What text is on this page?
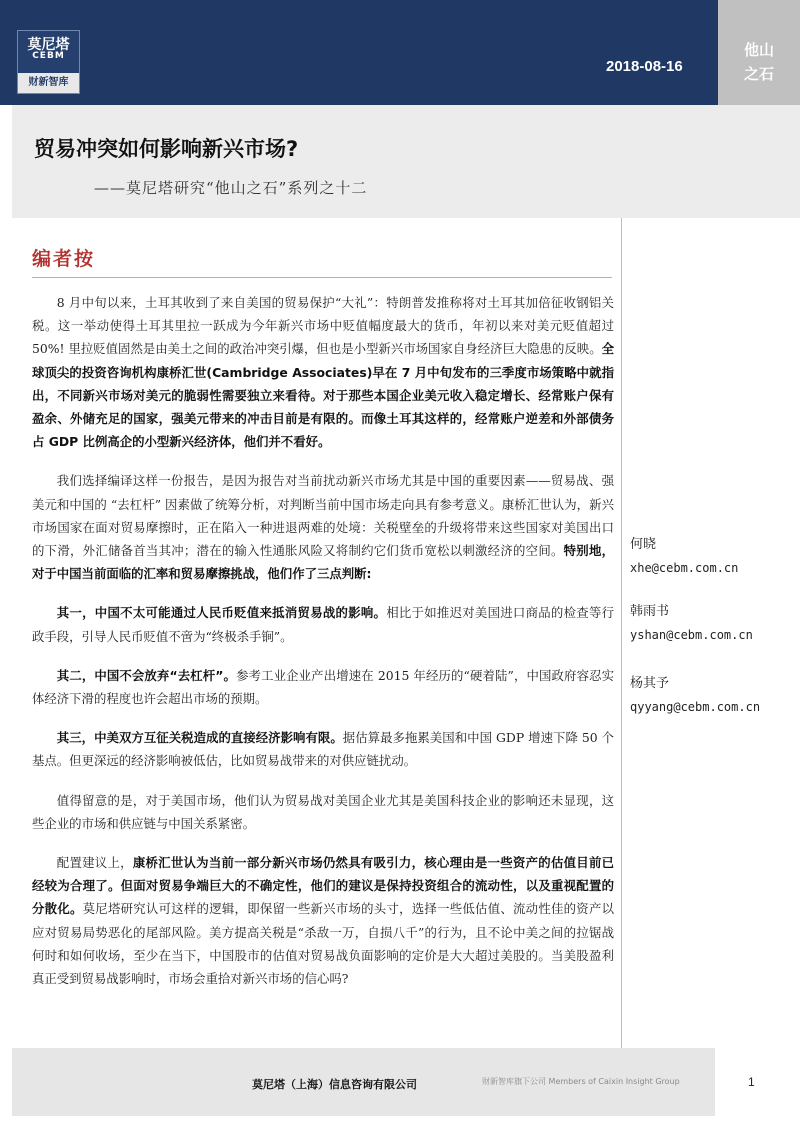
莫尼塔
CEBM
财新智库
2018-08-16
他山
之石
贸易冲突如何影响新兴市场?
——莫尼塔研究“他山之石”系列之十二
编者按

8 月中旬以来，土耳其收到了来自美国的贸易保护“大礼”：特朗普发推称将对土耳其加倍征收钢铝关税。这一举动使得土耳其里拉一跃成为今年新兴市场中贬值幅度最大的货币，年初以来对美元贬值超过 50%! 里拉贬值固然是由美土之间的政治冲突引爆，但也是小型新兴市场国家自身经济巨大隐患的反映。全球顶尖的投资咨询机构康桥汇世(Cambridge Associates)早在 7 月中旬发布的三季度市场策略中就指出，不同新兴市场对美元的脆弱性需要独立来看待。对于那些本国企业美元收入稳定增长、经常账户保有盈余、外储充足的国家，强美元带来的冲击目前是有限的。而像土耳其这样的，经常账户逆差和外部债务占 GDP 比例高企的小型新兴经济体，他们并不看好。

我们选择编译这样一份报告，是因为报告对当前扰动新兴市场尤其是中国的重要因素——贸易战、强美元和中国的 “去杠杆” 因素做了统筹分析，对判断当前中国市场走向具有参考意义。康桥汇世认为，新兴市场国家在面对贸易摩擦时，正在陷入一种进退两难的处境：关税壁垒的升级将带来这些国家对美国出口的下滑，外汇储备首当其冲；潜在的输入性通胀风险又将制约它们货币宽松以刺激经济的空间。特别地，对于中国当前面临的汇率和贸易摩擦挑战，他们作了三点判断:

其一，中国不太可能通过人民币贬值来抵消贸易战的影响。相比于如推迟对美国进口商品的检查等行政手段，引导人民币贬值不啻为“终极杀手锏”。

其二，中国不会放弃“去杠杆”。参考工业企业产出增速在 2015 年经历的“硬着陆”，中国政府容忍实体经济下滑的程度也许会超出市场的预期。

其三，中美双方互征关税造成的直接经济影响有限。据估算最多拖累美国和中国 GDP 增速下降 50 个基点。但更深远的经济影响被低估，比如贸易战带来的对供应链扰动。

值得留意的是，对于美国市场，他们认为贸易战对美国企业尤其是美国科技企业的影响还未显现，这些企业的市场和供应链与中国关系紧密。

配置建议上，康桥汇世认为当前一部分新兴市场仍然具有吸引力，核心理由是一些资产的估值目前已经较为合理了。但面对贸易争端巨大的不确定性，他们的建议是保持投资组合的流动性，以及重视配置的分散化。莫尼塔研究认可这样的逻辑，即保留一些新兴市场的头寸，选择一些低估值、流动性佳的资产以应对贸易局势恶化的尾部风险。美方提高关税是“杀敌一万，自损八千”的行为，且不论中美之间的拉锯战何时和如何收场，至少在当下，中国股市的估值对贸易战负面影响的定价是大大超过美股的。当美股盈利真正受到贸易战影响时，市场会重拾对新兴市场的信心吗?

何晓
xhe@cebm.com.cn
韩雨书
yshan@cebm.com.cn
杨其予
qyyang@cebm.com.cn
莫尼塔（上海）信息咨询有限公司	财新智库旗下公司 Members of Caixin Insight Group	1
